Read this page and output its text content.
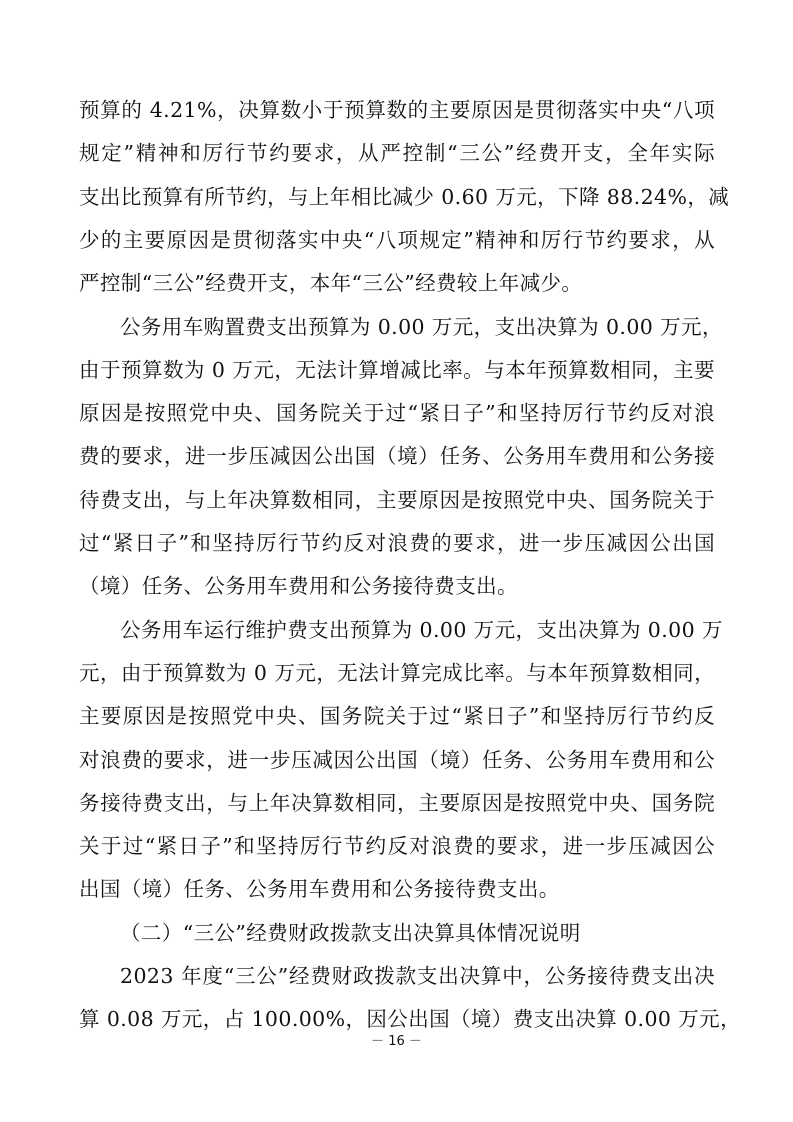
预算的 4.21%，决算数小于预算数的主要原因是贯彻落实中央“八项
规定”精神和厉行节约要求，从严控制“三公”经费开支，全年实际
支出比预算有所节约，与上年相比减少 0.60 万元，下降 88.24%，减
少的主要原因是贯彻落实中央“八项规定”精神和厉行节约要求，从
严控制“三公”经费开支，本年“三公”经费较上年减少。
公务用车购置费支出预算为 0.00 万元，支出决算为 0.00 万元，
由于预算数为 0 万元，无法计算增减比率。与本年预算数相同，主要
原因是按照党中央、国务院关于过“紧日子”和坚持厉行节约反对浪
费的要求，进一步压减因公出国（境）任务、公务用车费用和公务接
待费支出，与上年决算数相同，主要原因是按照党中央、国务院关于
过“紧日子”和坚持厉行节约反对浪费的要求，进一步压减因公出国
（境）任务、公务用车费用和公务接待费支出。
公务用车运行维护费支出预算为 0.00 万元，支出决算为 0.00 万
元，由于预算数为 0 万元，无法计算完成比率。与本年预算数相同，
主要原因是按照党中央、国务院关于过“紧日子”和坚持厉行节约反
对浪费的要求，进一步压减因公出国（境）任务、公务用车费用和公
务接待费支出，与上年决算数相同，主要原因是按照党中央、国务院
关于过“紧日子”和坚持厉行节约反对浪费的要求，进一步压减因公
出国（境）任务、公务用车费用和公务接待费支出。
（二）“三公”经费财政拨款支出决算具体情况说明
2023 年度“三公”经费财政拨款支出决算中，公务接待费支出决
算 0.08 万元，占 100.00%，因公出国（境）费支出决算 0.00 万元，
－ 16 －
